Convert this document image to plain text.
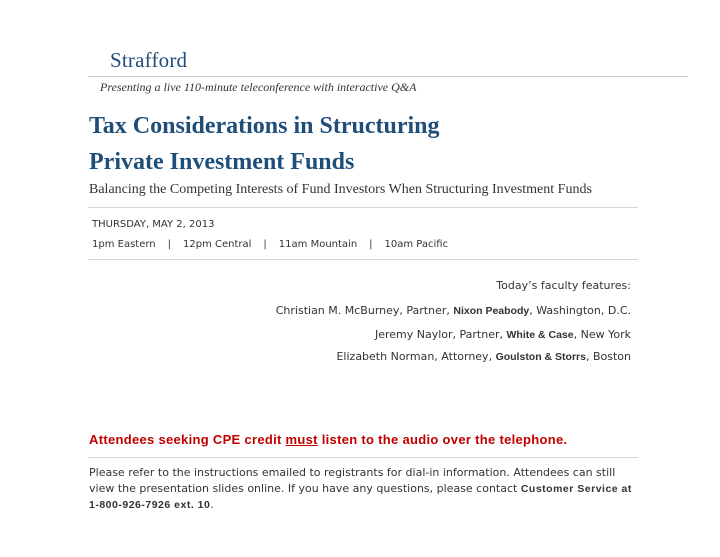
Strafford
Presenting a live 110-minute teleconference with interactive Q&A
Tax Considerations in Structuring
Private Investment Funds
Balancing the Competing Interests of Fund Investors When Structuring Investment Funds
THURSDAY, MAY 2, 2013
1pm Eastern | 12pm Central | 11am Mountain | 10am Pacific
Today’s faculty features:
Christian M. McBurney, Partner, Nixon Peabody, Washington, D.C.
Jeremy Naylor, Partner, White & Case, New York
Elizabeth Norman, Attorney, Goulston & Storrs, Boston
Attendees seeking CPE credit must listen to the audio over the telephone.
Please refer to the instructions emailed to registrants for dial-in information. Attendees can still view the presentation slides online. If you have any questions, please contact Customer Service at 1-800-926-7926 ext. 10.
